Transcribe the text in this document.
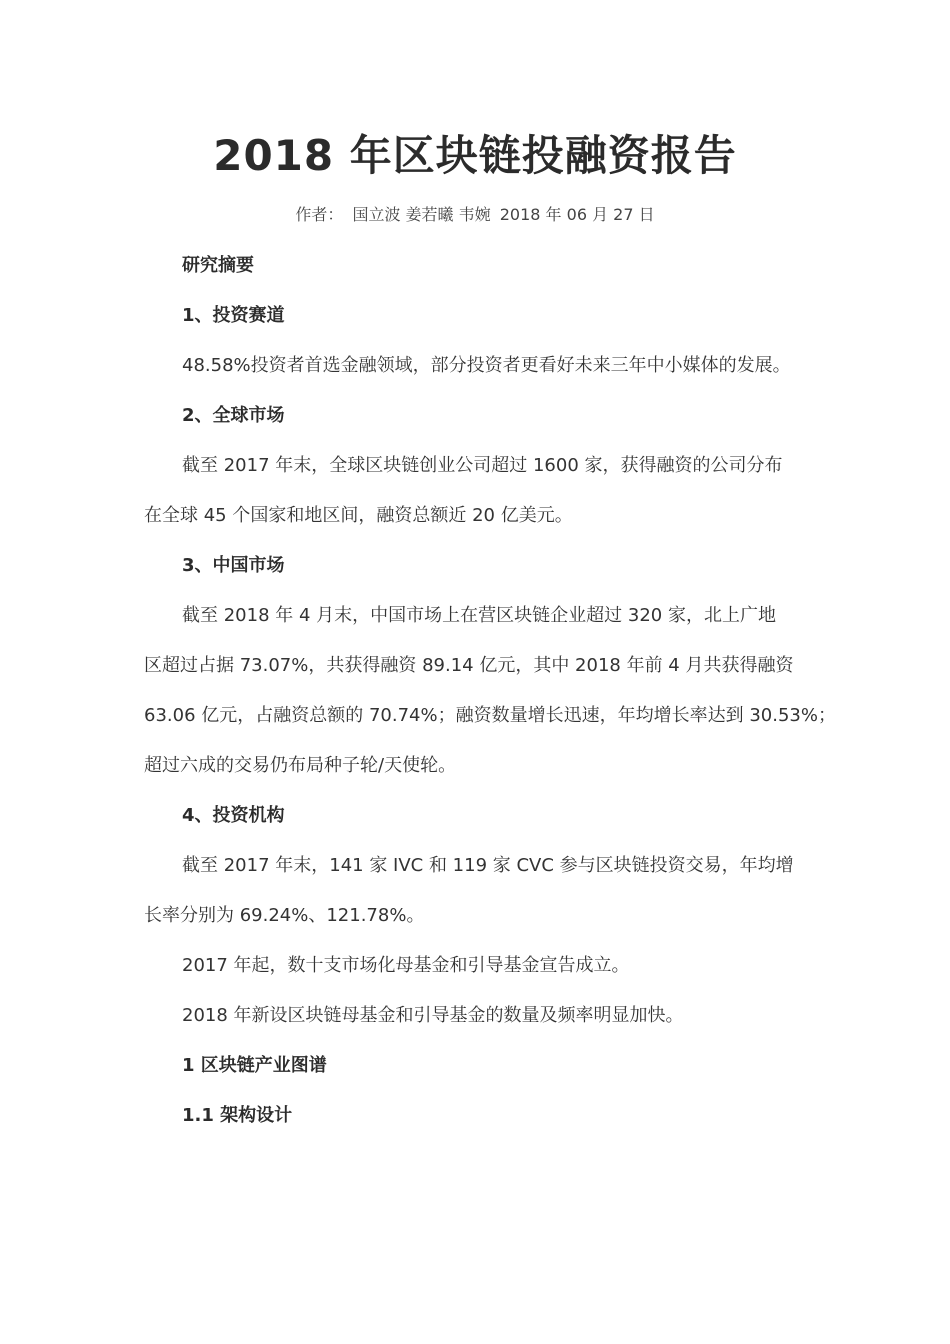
2018 年区块链投融资报告
作者： 国立波 姜若曦 韦婉 2018 年 06 月 27 日
研究摘要
1、投资赛道
48.58%投资者首选金融领域，部分投资者更看好未来三年中小媒体的发展。
2、全球市场
截至 2017 年末，全球区块链创业公司超过 1600 家，获得融资的公司分布
在全球 45 个国家和地区间，融资总额近 20 亿美元。
3、中国市场
截至 2018 年 4 月末，中国市场上在营区块链企业超过 320 家，北上广地
区超过占据 73.07%，共获得融资 89.14 亿元，其中 2018 年前 4 月共获得融资
63.06 亿元，占融资总额的 70.74%；融资数量增长迅速，年均增长率达到 30.53%；
超过六成的交易仍布局种子轮/天使轮。
4、投资机构
截至 2017 年末，141 家 IVC 和 119 家 CVC 参与区块链投资交易，年均增
长率分别为 69.24%、121.78%。
2017 年起，数十支市场化母基金和引导基金宣告成立。
2018 年新设区块链母基金和引导基金的数量及频率明显加快。
1 区块链产业图谱
1.1 架构设计
